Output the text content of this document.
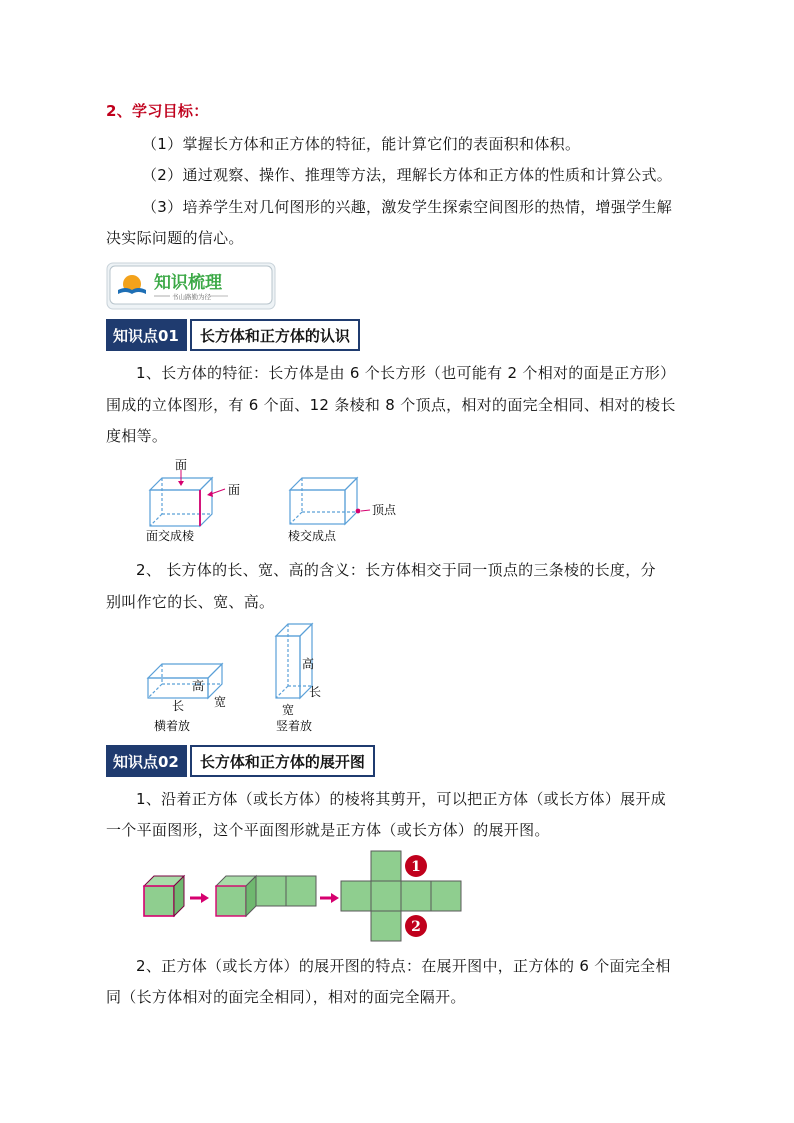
2、学习目标：
（1）掌握长方体和正方体的特征，能计算它们的表面积和体积。
（2）通过观察、操作、推理等方法，理解长方体和正方体的性质和计算公式。
（3）培养学生对几何图形的兴趣，激发学生探索空间图形的热情，增强学生解
决实际问题的信心。
知识梳理
书山路勤为径
知识点01	长方体和正方体的认识
1、长方体的特征：长方体是由 6 个长方形（也可能有 2 个相对的面是正方形）
围成的立体图形，有 6 个面、12 条棱和 8 个顶点，相对的面完全相同、相对的棱长
度相等。
面
面
面交成棱
顶点
棱交成点
2、 长方体的长、宽、高的含义：长方体相交于同一顶点的三条棱的长度，分
别叫作它的长、宽、高。
高
宽
长
横着放
高
长
宽
竖着放
知识点02	长方体和正方体的展开图
1、沿着正方体（或长方体）的棱将其剪开，可以把正方体（或长方体）展开成
一个平面图形，这个平面图形就是正方体（或长方体）的展开图。
1
2
2、正方体（或长方体）的展开图的特点：在展开图中，正方体的 6 个面完全相
同（长方体相对的面完全相同），相对的面完全隔开。
